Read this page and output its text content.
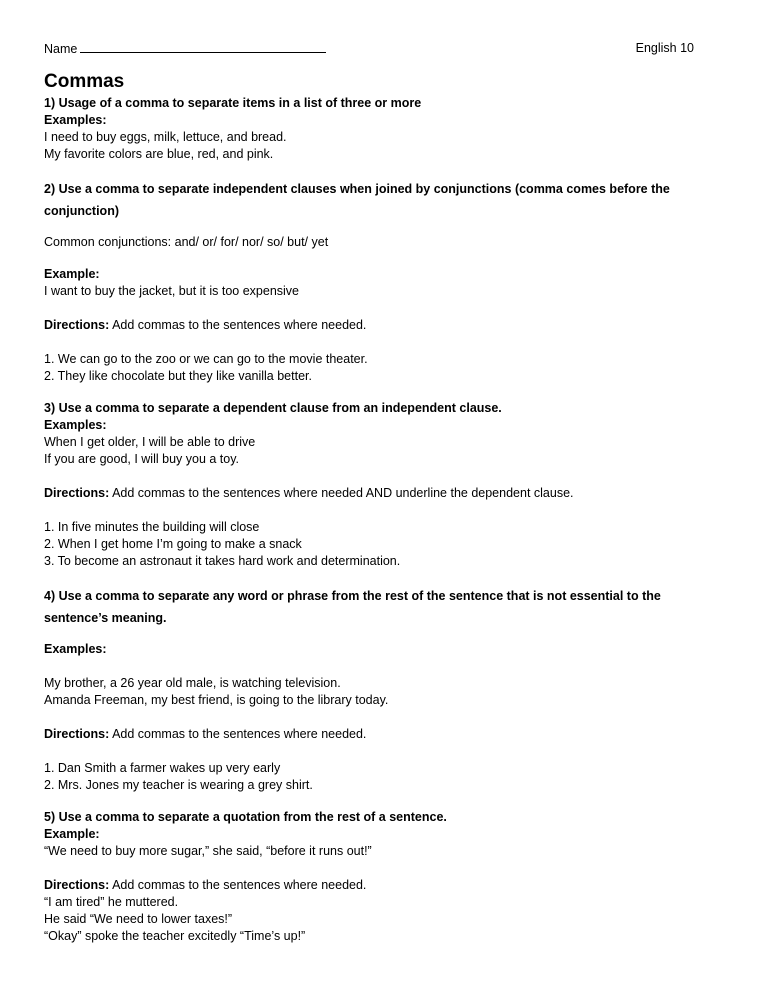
Name	English 10
Commas

1) Usage of a comma to separate items in a list of three or more

Examples:

I need to buy eggs, milk, lettuce, and bread.

My favorite colors are blue, red, and pink.

2) Use a comma to separate independent clauses when joined by conjunctions (comma comes before the conjunction)

Common conjunctions: and/ or/ for/ nor/ so/ but/ yet

Example:

I want to buy the jacket, but it is too expensive

Directions: Add commas to the sentences where needed.

1. We can go to the zoo or we can go to the movie theater.

2. They like chocolate but they like vanilla better.

3) Use a comma to separate a dependent clause from an independent clause.

Examples:

When I get older, I will be able to drive

If you are good, I will buy you a toy.

Directions: Add commas to the sentences where needed AND underline the dependent clause.

1. In five minutes the building will close

2. When I get home I’m going to make a snack

3. To become an astronaut it takes hard work and determination.

4) Use a comma to separate any word or phrase from the rest of the sentence that is not essential to the sentence’s meaning.

Examples:

My brother, a 26 year old male, is watching television.

Amanda Freeman, my best friend, is going to the library today.

Directions: Add commas to the sentences where needed.

1. Dan Smith a farmer wakes up very early

2. Mrs. Jones my teacher is wearing a grey shirt.

5) Use a comma to separate a quotation from the rest of a sentence.

Example:

“We need to buy more sugar,” she said, “before it runs out!”

Directions: Add commas to the sentences where needed.

“I am tired” he muttered.

He said “We need to lower taxes!”

“Okay” spoke the teacher excitedly “Time’s up!”
